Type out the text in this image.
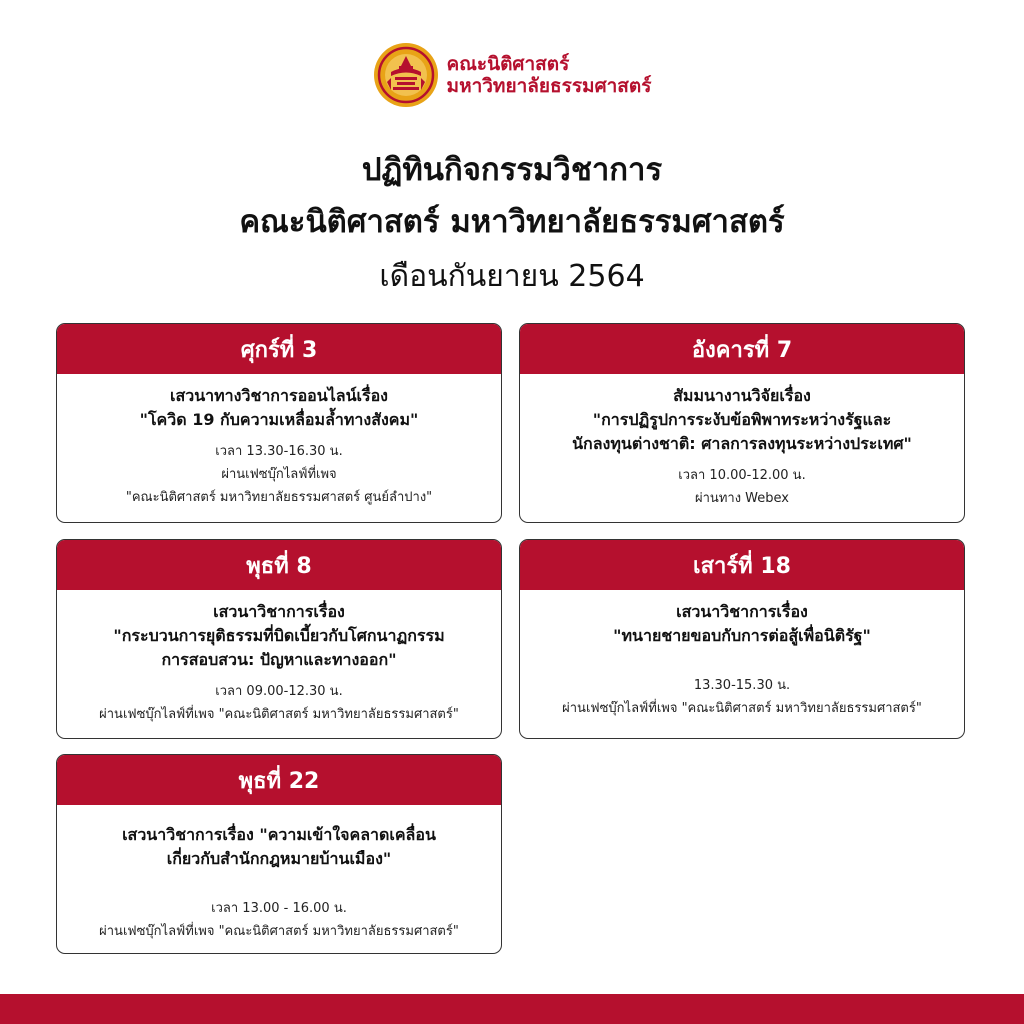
คณะนิติศาสตร์
มหาวิทยาลัยธรรมศาสตร์
ปฏิทินกิจกรรมวิชาการ
คณะนิติศาสตร์ มหาวิทยาลัยธรรมศาสตร์
เดือนกันยายน 2564
ศุกร์ที่ 3
เสวนาทางวิชาการออนไลน์เรื่อง
"โควิด 19 กับความเหลื่อมล้ำทางสังคม"
เวลา 13.30-16.30 น.
ผ่านเฟซบุ๊กไลฟ์ที่เพจ
"คณะนิติศาสตร์ มหาวิทยาลัยธรรมศาสตร์ ศูนย์ลำปาง"
อังคารที่ 7
สัมมนางานวิจัยเรื่อง
"การปฏิรูปการระงับข้อพิพาทระหว่างรัฐและ
นักลงทุนต่างชาติ: ศาลการลงทุนระหว่างประเทศ"
เวลา 10.00-12.00 น.
ผ่านทาง Webex
พุธที่ 8
เสวนาวิชาการเรื่อง
"กระบวนการยุติธรรมที่บิดเบี้ยวกับโศกนาฏกรรม
การสอบสวน: ปัญหาและทางออก"
เวลา 09.00-12.30 น.
ผ่านเฟซบุ๊กไลฟ์ที่เพจ "คณะนิติศาสตร์ มหาวิทยาลัยธรรมศาสตร์"
เสาร์ที่ 18
เสวนาวิชาการเรื่อง
"ทนายชายขอบกับการต่อสู้เพื่อนิติรัฐ"
13.30-15.30 น.
ผ่านเฟซบุ๊กไลฟ์ที่เพจ "คณะนิติศาสตร์ มหาวิทยาลัยธรรมศาสตร์"
พุธที่ 22
เสวนาวิชาการเรื่อง "ความเข้าใจคลาดเคลื่อน
เกี่ยวกับสำนักกฎหมายบ้านเมือง"
เวลา 13.00 - 16.00 น.
ผ่านเฟซบุ๊กไลฟ์ที่เพจ "คณะนิติศาสตร์ มหาวิทยาลัยธรรมศาสตร์"
